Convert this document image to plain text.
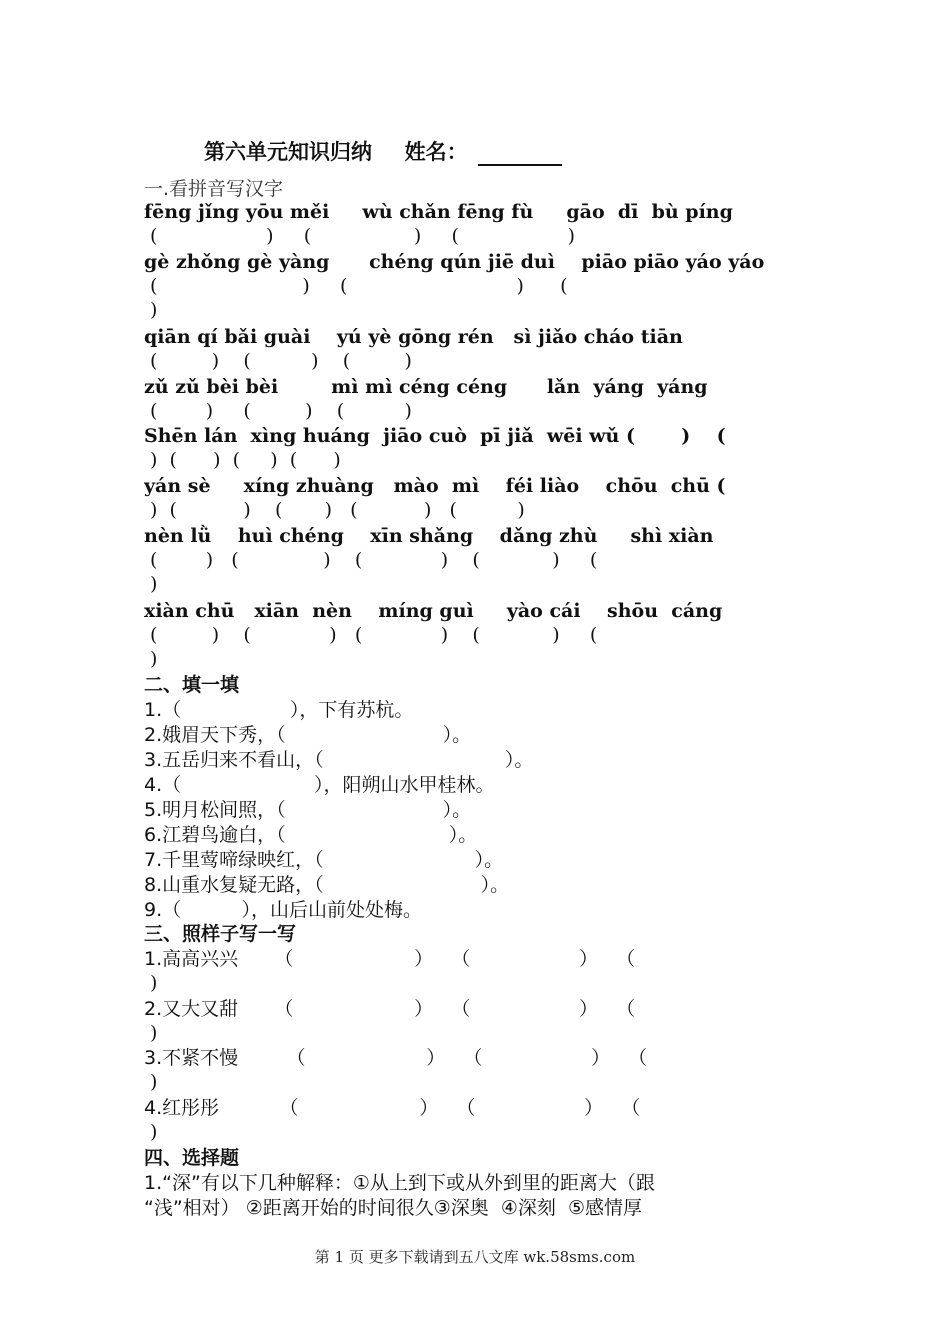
第六单元知识归纳 姓名：
一.看拼音写汉字
fēng jǐng yōu měi     wù chǎn fēng fù     gāo  dī  bù píng
(                  )     (                 )     (                  )
gè zhǒng gè yàng      chéng qún jiē duì    piāo piāo yáo yáo
(                        )     (                            )      (
)
qiān qí bǎi guài    yú yè gōng rén   sì jiǎo cháo tiān
(         )    (          )    (         )
zǔ zǔ bèi bèi        mì mì céng céng      lǎn  yáng  yáng
(        )     (         )    (          )
Shēn lán  xìng huáng  jiāo cuò  pī jiǎ  wēi wǔ (       )    (
)  (      )  (     )  (      )
yán sè     xíng zhuàng   mào  mì    féi liào    chōu  chū (
)  (           )    (       )   (           )   (          )
nèn lǜ    huì chéng    xīn shǎng    dǎng zhù     shì xiàn
(        )   (              )    (             )    (            )     (
)
xiàn chū   xiān  nèn    míng guì     yào cái    shōu  cáng
(         )    (             )   (             )    (            )     (
)
二、填一填
1.（                  ），下有苏杭。
2.娥眉天下秀，（                          ）。
3.五岳归来不看山，（                              ）。
4.（                      ），阳朔山水甲桂林。
5.明月松间照，（                          ）。
6.江碧鸟逾白，（                           ）。
7.千里莺啼绿映红，（                         ）。
8.山重水复疑无路，（                          ）。
9.（          ），山后山前处处梅。
三、照样子写一写
1.高高兴兴      （                    ）   （                  ）   （
)
2.又大又甜      （                    ）   （                  ）   （
)
3.不紧不慢        （                    ）   （                  ）   （
)
4.红彤彤          （                    ）   （                  ）   （
)
四、选择题
1.“深”有以下几种解释：①从上到下或从外到里的距离大（跟
“浅”相对） ②距离开始的时间很久③深奥  ④深刻  ⑤感情厚
第 1 页 更多下载请到五八文库 wk.58sms.com
